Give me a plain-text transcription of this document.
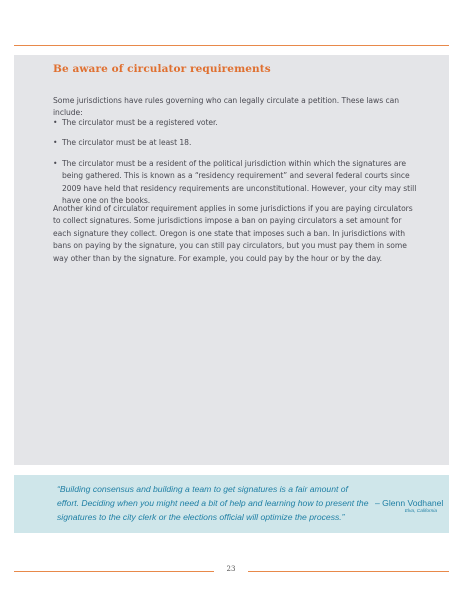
Be aware of circulator requirements
Some jurisdictions have rules governing who can legally circulate a petition. These laws can include:
• The circulator must be a registered voter.
• The circulator must be at least 18.
• The circulator must be a resident of the political jurisdiction within which the signatures are being gathered. This is known as a “residency requirement” and several federal courts since 2009 have held that residency requirements are unconstitutional. However, your city may still have one on the books.
Another kind of circulator requirement applies in some jurisdictions if you are paying circulators to collect signatures. Some jurisdictions impose a ban on paying circulators a set amount for each signature they collect. Oregon is one state that imposes such a ban. In jurisdictions with bans on paying by the signature, you can still pay circulators, but you must pay them in some way other than by the signature. For example, you could pay by the hour or by the day.
“Building consensus and building a team to get signatures is a fair amount of effort. Deciding when you might need a bit of help and learning how to present the signatures to the city clerk or the elections official will optimize the process.”
– Glenn Vodhanel
Elva, California
23
